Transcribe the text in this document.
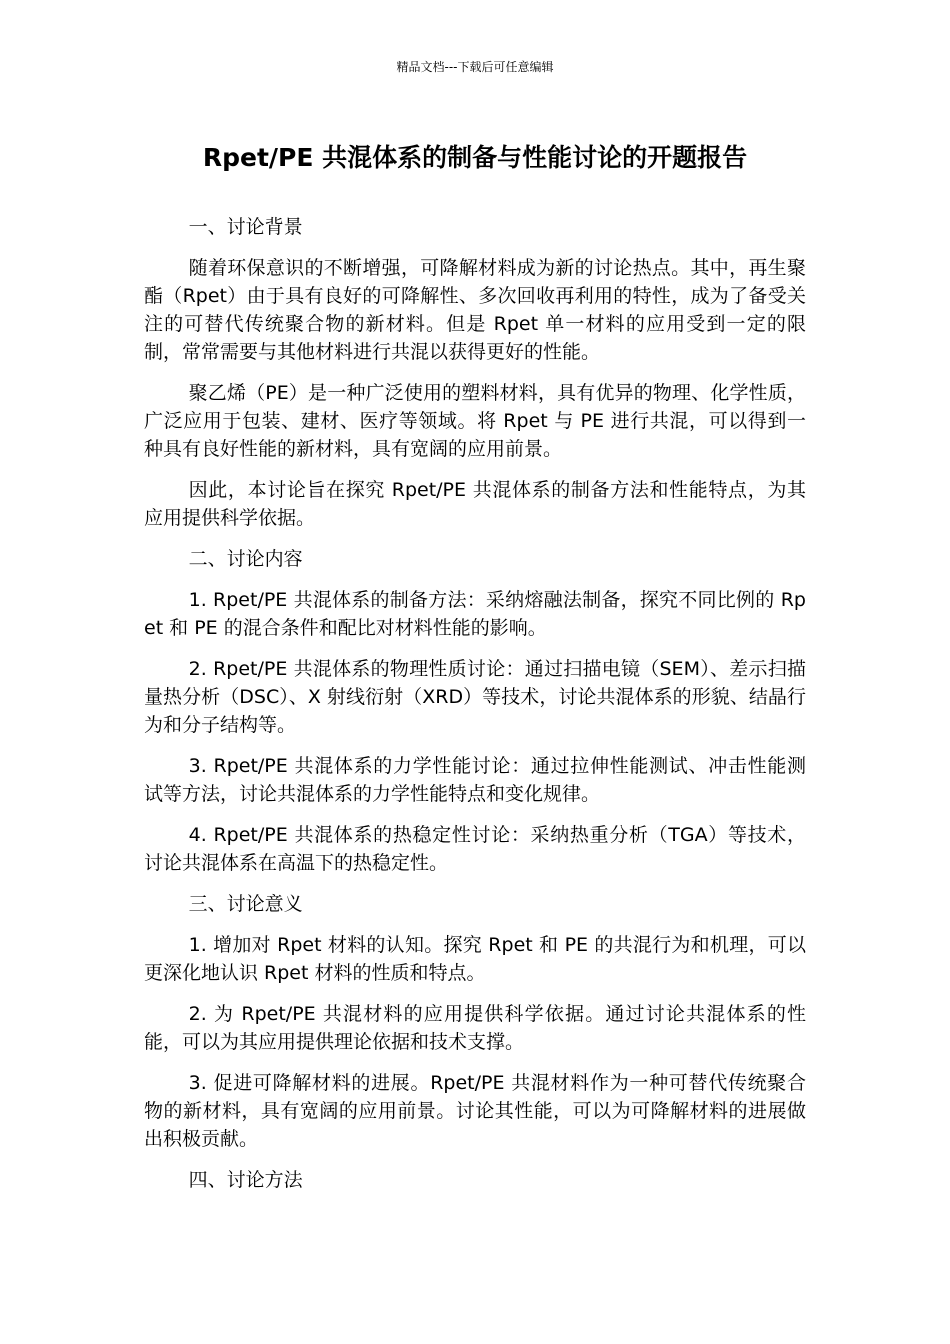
精品文档---下载后可任意编辑
Rpet/PE 共混体系的制备与性能讨论的开题报告

一、讨论背景

随着环保意识的不断增强，可降解材料成为新的讨论热点。其中，再生聚酯（Rpet）由于具有良好的可降解性、多次回收再利用的特性，成为了备受关注的可替代传统聚合物的新材料。但是 Rpet 单一材料的应用受到一定的限制，常常需要与其他材料进行共混以获得更好的性能。

聚乙烯（PE）是一种广泛使用的塑料材料，具有优异的物理、化学性质，广泛应用于包装、建材、医疗等领域。将 Rpet 与 PE 进行共混，可以得到一种具有良好性能的新材料，具有宽阔的应用前景。

因此，本讨论旨在探究 Rpet/PE 共混体系的制备方法和性能特点，为其应用提供科学依据。

二、讨论内容

1. Rpet/PE 共混体系的制备方法：采纳熔融法制备，探究不同比例的 Rpet 和 PE 的混合条件和配比对材料性能的影响。

2. Rpet/PE 共混体系的物理性质讨论：通过扫描电镜（SEM）、差示扫描量热分析（DSC）、X 射线衍射（XRD）等技术，讨论共混体系的形貌、结晶行为和分子结构等。

3. Rpet/PE 共混体系的力学性能讨论：通过拉伸性能测试、冲击性能测试等方法，讨论共混体系的力学性能特点和变化规律。

4. Rpet/PE 共混体系的热稳定性讨论：采纳热重分析（TGA）等技术，讨论共混体系在高温下的热稳定性。

三、讨论意义

1. 增加对 Rpet 材料的认知。探究 Rpet 和 PE 的共混行为和机理，可以更深化地认识 Rpet 材料的性质和特点。

2. 为 Rpet/PE 共混材料的应用提供科学依据。通过讨论共混体系的性能，可以为其应用提供理论依据和技术支撑。

3. 促进可降解材料的进展。Rpet/PE 共混材料作为一种可替代传统聚合物的新材料，具有宽阔的应用前景。讨论其性能，可以为可降解材料的进展做出积极贡献。

四、讨论方法
